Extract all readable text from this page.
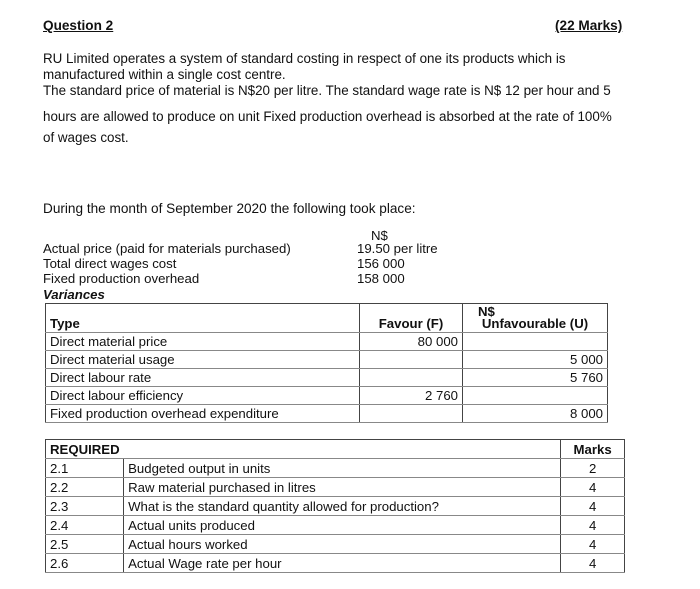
Question 2	(22 Marks)
RU Limited operates a system of standard costing in respect of one its products which is
manufactured within a single cost centre.
The standard price of material is N$20 per litre. The standard wage rate is N$ 12 per hour and 5
hours are allowed to produce on unit Fixed production overhead is absorbed at the rate of 100%
of wages cost.
During the month of September 2020 the following took place:
N$
Actual price (paid for materials purchased)	19.50 per litre
Total direct wages cost	156 000
Fixed production overhead	158 000
Variances
N$
Type	Favour (F)	Unfavourable (U)
Direct material price	80 000	
Direct material usage		5 000
Direct labour rate		5 760
Direct labour efficiency	2 760	
Fixed production overhead expenditure		8 000
REQUIRED		Marks
2.1	Budgeted output in units	2
2.2	Raw material purchased in litres	4
2.3	What is the standard quantity allowed for production?	4
2.4	Actual units produced	4
2.5	Actual hours worked	4
2.6	Actual Wage rate per hour	4
